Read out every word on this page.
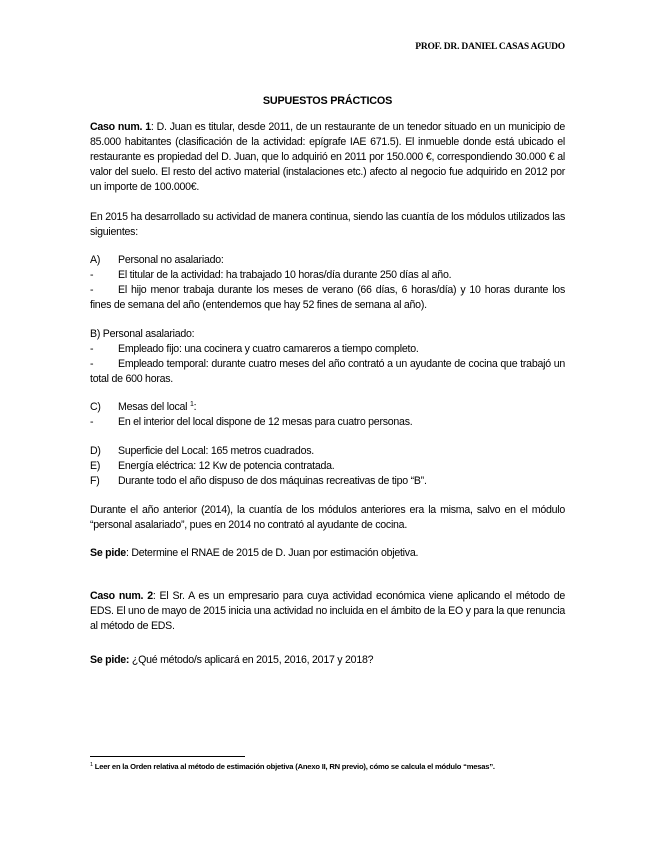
PROF. DR. DANIEL CASAS AGUDO
SUPUESTOS PRÁCTICOS
Caso num. 1: D. Juan es titular, desde 2011, de un restaurante de un tenedor situado en un municipio de 85.000 habitantes (clasificación de la actividad: epígrafe IAE 671.5). El inmueble donde está ubicado el restaurante es propiedad del D. Juan, que lo adquirió en 2011 por 150.000 €, correspondiendo 30.000 € al valor del suelo. El resto del activo material (instalaciones etc.) afecto al negocio fue adquirido en 2012 por un importe de 100.000€.
En 2015 ha desarrollado su actividad de manera continua, siendo las cuantía de los módulos utilizados las siguientes:
A)	Personal no asalariado:
-	El titular de la actividad: ha trabajado 10 horas/día durante 250 días al año.
- El hijo menor trabaja durante los meses de verano (66 días, 6 horas/día) y 10 horas durante los fines de semana del año (entendemos que hay 52 fines de semana al año).
B) Personal asalariado:
-	Empleado fijo: una cocinera y cuatro camareros a tiempo completo.
- Empleado temporal: durante cuatro meses del año contrató a un ayudante de cocina que trabajó un total de 600 horas.
C)	Mesas del local $^1$:
-	En el interior del local dispone de 12 mesas para cuatro personas.
D)	Superficie del Local: 165 metros cuadrados.
E)	Energía eléctrica: 12 Kw de potencia contratada.
F)	Durante todo el año dispuso de dos máquinas recreativas de tipo “B”.
Durante el año anterior (2014), la cuantía de los módulos anteriores era la misma, salvo en el módulo “personal asalariado”, pues en 2014 no contrató al ayudante de cocina.
Se pide: Determine el RNAE de 2015 de D. Juan por estimación objetiva.
Caso num. 2: El Sr. A es un empresario para cuya actividad económica viene aplicando el método de EDS. El uno de mayo de 2015 inicia una actividad no incluida en el ámbito de la EO y para la que renuncia al método de EDS.
Se pide: ¿Qué método/s aplicará en 2015, 2016, 2017 y 2018?
$^1$ Leer en la Orden relativa al método de estimación objetiva (Anexo II, RN previo), cómo se calcula el módulo “mesas”.
